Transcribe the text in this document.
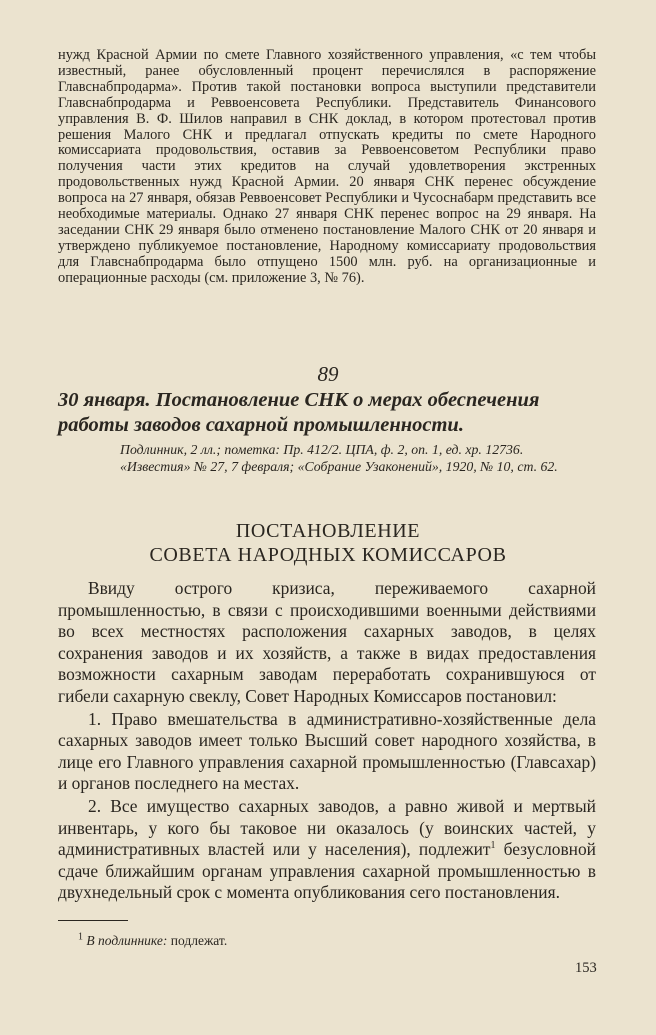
нужд Красной Армии по смете Главного хозяйственного управления, «с тем чтобы известный, ранее обусловленный процент перечислялся в распоряжение Главснабпродарма». Против такой постановки вопроса выступили представители Главснабпродарма и Реввоенсовета Республики. Представитель Финансового управления В. Ф. Шилов направил в СНК доклад, в котором протестовал против решения Малого СНК и предлагал отпускать кредиты по смете Народного комиссариата продовольствия, оставив за Реввоенсоветом Республики право получения части этих кредитов на случай удовлетворения экстренных продовольственных нужд Красной Армии. 20 января СНК перенес обсуждение вопроса на 27 января, обязав Реввоенсовет Республики и Чусоснабарм представить все необходимые материалы. Однако 27 января СНК перенес вопрос на 29 января. На заседании СНК 29 января было отменено постановление Малого СНК от 20 января и утверждено публикуемое постановление, Народному комиссариату продовольствия для Главснабпродарма было отпущено 1500 млн. руб. на организационные и операционные расходы (см. приложение 3, № 76).

89
30 января. Постановление СНК о мерах обеспечения
работы заводов сахарной промышленности.

Подлинник, 2 лл.; пометка: Пр. 412/2. ЦПА, ф. 2, оп. 1, ед. хр. 12736.

«Известия» № 27, 7 февраля; «Собрание Узаконений», 1920, № 10, ст. 62.

ПОСТАНОВЛЕНИЕ
СОВЕТА НАРОДНЫХ КОМИССАРОВ

Ввиду острого кризиса, переживаемого сахарной промышленностью, в связи с происходившими военными действиями во всех местностях расположения сахарных заводов, в целях сохранения заводов и их хозяйств, а также в видах предоставления возможности сахарным заводам переработать сохранившуюся от гибели сахарную свеклу, Совет Народных Комиссаров постановил:

1. Право вмешательства в административно-хозяйственные дела сахарных заводов имеет только Высший совет народного хозяйства, в лице его Главного управления сахарной промышленностью (Главсахар) и органов последнего на местах.

2. Все имущество сахарных заводов, а равно живой и мертвый инвентарь, у кого бы таковое ни оказалось (у воинских частей, у административных властей или у населения), подлежит$^1$ безусловной сдаче ближайшим органам управления сахарной промышленностью в двухнедельный срок с момента опубликования сего постановления.

$^1$ В подлиннике: подлежат.
153
